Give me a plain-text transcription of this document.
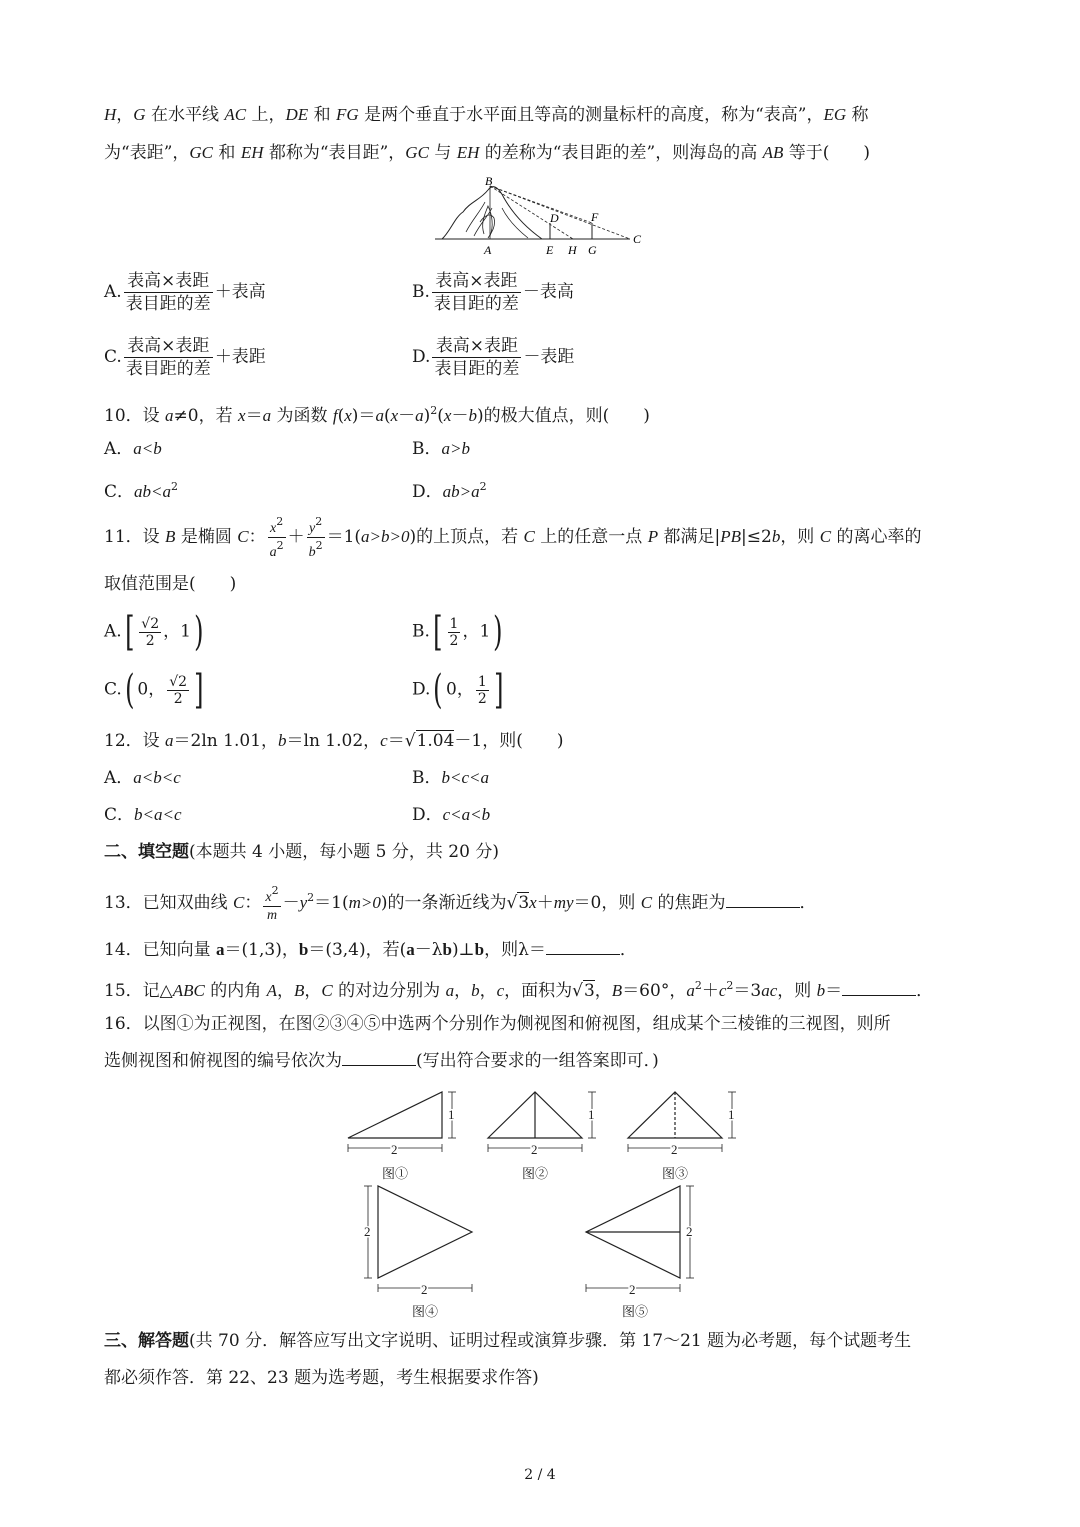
H，G 在水平线 AC 上，DE 和 FG 是两个垂直于水平面且等高的测量标杆的高度，称为“表高”，EG 称
为“表距”，GC 和 EH 都称为“表目距”，GC 与 EH 的差称为“表目距的差”，则海岛的高 AB 等于(　　)
B
D	F
C
A	E H G
A. $\frac{\text{表高×表距}}{\text{表目距的差}}$ ＋表高	B. $\frac{\text{表高×表距}}{\text{表目距的差}}$ －表高
C. $\frac{\text{表高×表距}}{\text{表目距的差}}$ ＋表距	D. $\frac{\text{表高×表距}}{\text{表目距的差}}$ －表距
10．设 a≠0，若 x＝a 为函数 $f(x)=a(x-a)^2(x-b)$的极大值点，则(　　)
A．a<b	B．a>b
C．$ab<a^2$	D．$ab>a^2$
11．设 B 是椭圆 C： $\frac{x^2}{a^2} + \frac{y^2}{b^2} =1(a>b>0)$的上顶点，若 C 上的任意一点 P 都满足|PB|≤2b，则 C 的离心率的
取值范围是(　　)
$A.[ \frac{√2}{2}$ ，1)	$B.[ \frac{1}{2}$ ，1)
C.( 0， $\frac{√2}{2}$ ]	D.( 0， $\frac{1}{2}$ ]
12．设 a＝2ln 1.01，b＝ln 1.02，c＝√1.04－1，则(　　)
A．a<b<c	B．b<c<a
C．b<a<c	D．c<a<b
二、填空题(本题共 4 小题，每小题 5 分，共 20 分)
13．已知双曲线 C： $\frac{x^2}{m} -y^2=1(m>0)$的一条渐近线为√3x＋my＝0，则 C 的焦距为	．
14．已知向量 a＝(1,3)，b＝(3,4)，若(a－λb)⊥b，则λ＝	．
15．记△ABC 的内角 A，B，C 的对边分别为 a，b，c，面积为√3，B＝60°，$a^2+c^2=3ac$，则 b＝	．
16．以图①为正视图，在图②③④⑤中选两个分别作为侧视图和俯视图，组成某个三棱锥的三视图，则所
选侧视图和俯视图的编号依次为	(写出符合要求的一组答案即可．)
2
1
2
1
2
1
2
2
2
2
图①	图②	图③
图④	图⑤
三、解答题(共 70 分．解答应写出文字说明、证明过程或演算步骤．第 17～21 题为必考题，每个试题考生
都必须作答．第 22、23 题为选考题，考生根据要求作答)
2 / 4
